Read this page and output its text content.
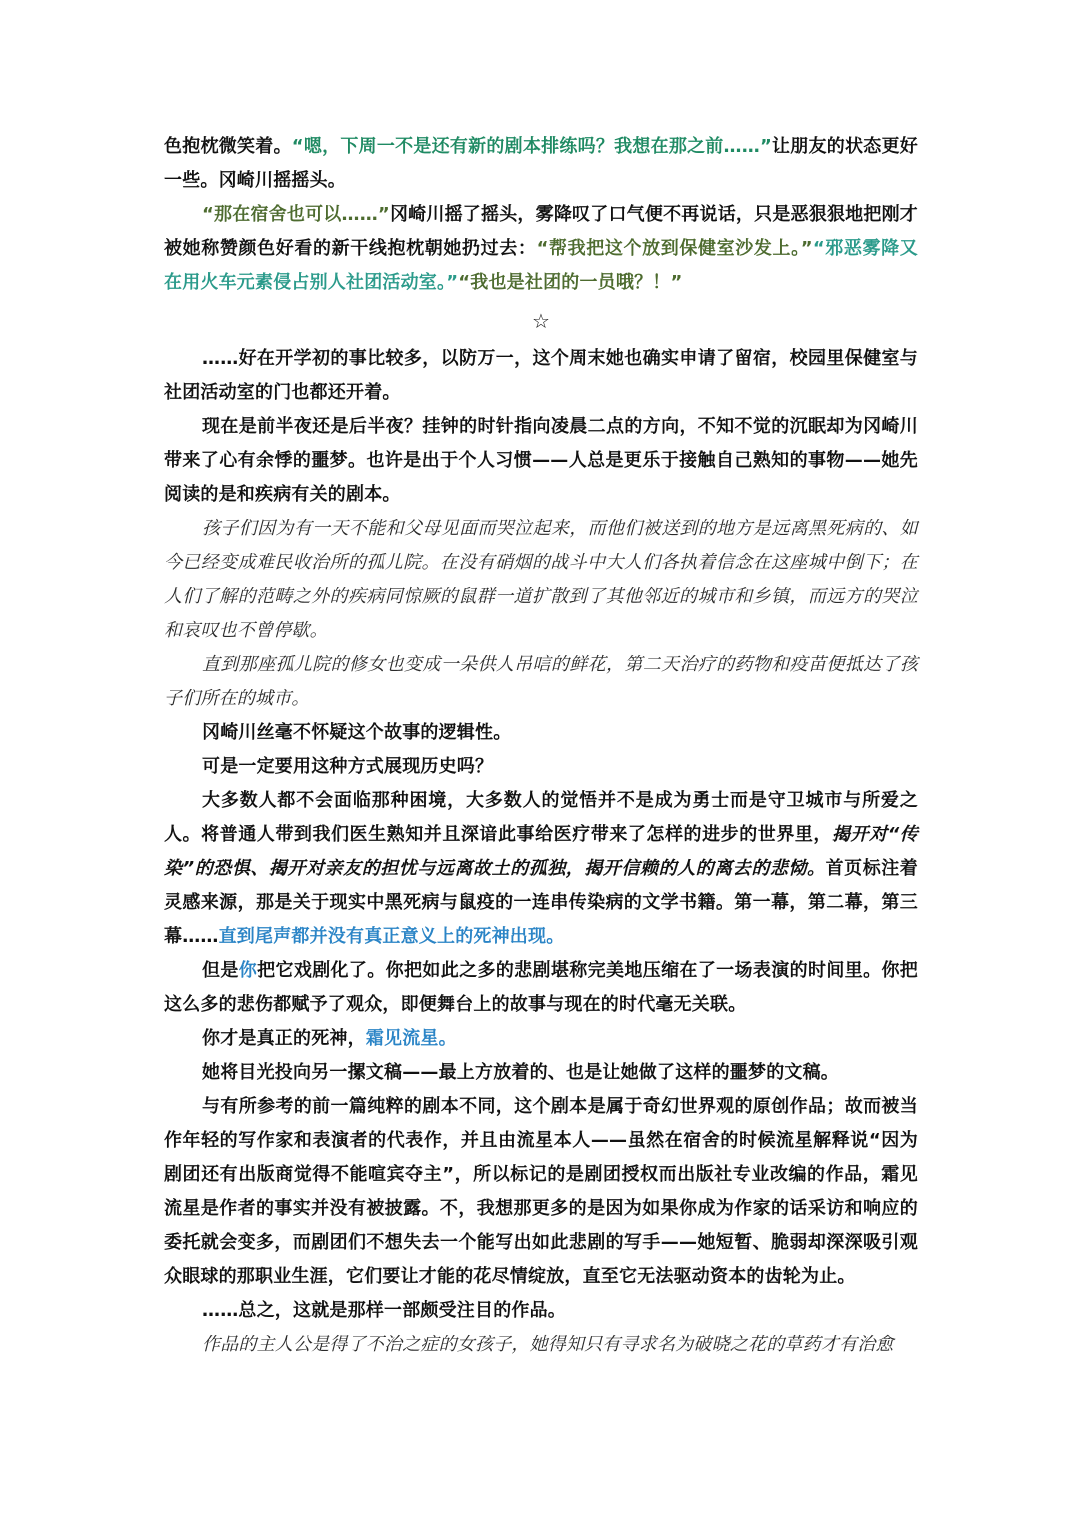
色抱枕微笑着。“嗯，下周一不是还有新的剧本排练吗？我想在那之前……”让朋友的状态更好一些。冈崎川摇摇头。

“那在宿舍也可以……”冈崎川摇了摇头，雾降叹了口气便不再说话，只是恶狠狠地把刚才被她称赞颜色好看的新干线抱枕朝她扔过去：“帮我把这个放到保健室沙发上。”“邪恶雾降又在用火车元素侵占别人社团活动室。”“我也是社团的一员哦？！”

☆

……好在开学初的事比较多，以防万一，这个周末她也确实申请了留宿，校园里保健室与社团活动室的门也都还开着。

现在是前半夜还是后半夜？挂钟的时针指向凌晨二点的方向，不知不觉的沉眠却为冈崎川带来了心有余悸的噩梦。也许是出于个人习惯——人总是更乐于接触自己熟知的事物——她先阅读的是和疾病有关的剧本。

孩子们因为有一天不能和父母见面而哭泣起来，而他们被送到的地方是远离黑死病的、如今已经变成难民收治所的孤儿院。在没有硝烟的战斗中大人们各执着信念在这座城中倒下；在人们了解的范畴之外的疾病同惊厥的鼠群一道扩散到了其他邻近的城市和乡镇，而远方的哭泣和哀叹也不曾停歇。

直到那座孤儿院的修女也变成一朵供人吊唁的鲜花，第二天治疗的药物和疫苗便抵达了孩子们所在的城市。

冈崎川丝毫不怀疑这个故事的逻辑性。

可是一定要用这种方式展现历史吗？

大多数人都不会面临那种困境，大多数人的觉悟并不是成为勇士而是守卫城市与所爱之人。将普通人带到我们医生熟知并且深谙此事给医疗带来了怎样的进步的世界里，揭开对“传染”的恐惧、揭开对亲友的担忧与远离故土的孤独，揭开信赖的人的离去的悲恸。首页标注着灵感来源，那是关于现实中黑死病与鼠疫的一连串传染病的文学书籍。第一幕，第二幕，第三幕……直到尾声都并没有真正意义上的死神出现。

但是你把它戏剧化了。你把如此之多的悲剧堪称完美地压缩在了一场表演的时间里。你把这么多的悲伤都赋予了观众，即便舞台上的故事与现在的时代毫无关联。

你才是真正的死神，霜见流星。

她将目光投向另一摞文稿——最上方放着的、也是让她做了这样的噩梦的文稿。

与有所参考的前一篇纯粹的剧本不同，这个剧本是属于奇幻世界观的原创作品；故而被当作年轻的写作家和表演者的代表作，并且由流星本人——虽然在宿舍的时候流星解释说“因为剧团还有出版商觉得不能喧宾夺主”，所以标记的是剧团授权而出版社专业改编的作品，霜见流星是作者的事实并没有被披露。不，我想那更多的是因为如果你成为作家的话采访和响应的委托就会变多，而剧团们不想失去一个能写出如此悲剧的写手——她短暂、脆弱却深深吸引观众眼球的那职业生涯，它们要让才能的花尽情绽放，直至它无法驱动资本的齿轮为止。

……总之，这就是那样一部颇受注目的作品。

作品的主人公是得了不治之症的女孩子，她得知只有寻求名为破晓之花的草药才有治愈
